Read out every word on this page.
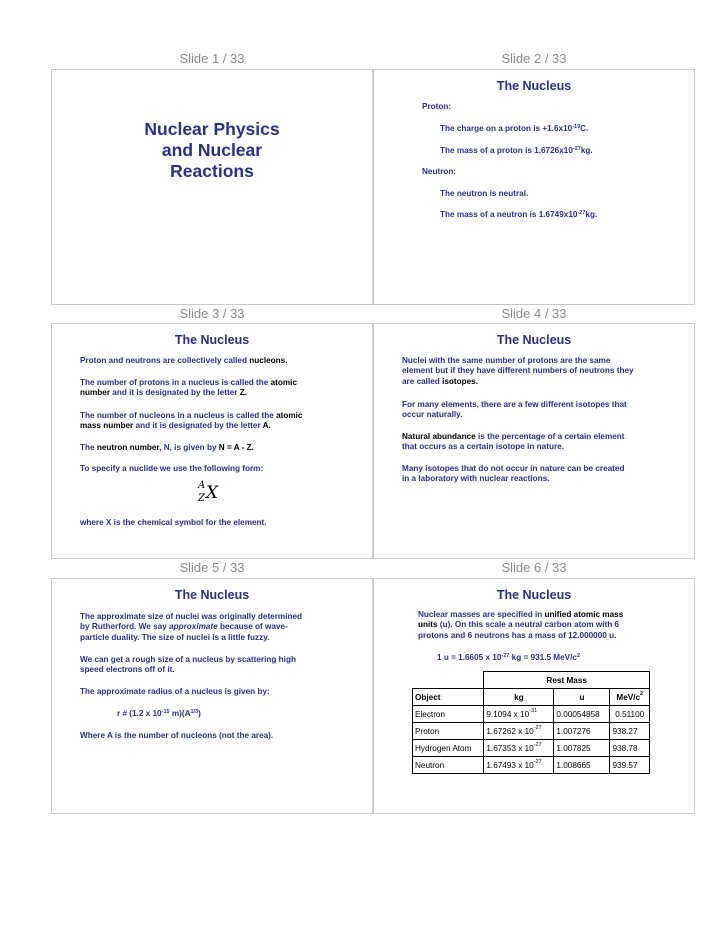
Slide 1 / 33	Slide 2 / 33
Nuclear Physics
and Nuclear
Reactions
The Nucleus
Proton:
The charge on a proton is $+1.6x10^{-19}C$.
The mass of a proton is $1.6726x10^{-27}kg$.
Neutron:
The neutron is neutral.
The mass of a neutron is $1.6749x10^{-27}kg$.
Slide 3 / 33	Slide 4 / 33
The Nucleus
Proton and neutrons are collectively called nucleons.
The number of protons in a nucleus is called the atomic
number and it is designated by the letter Z.
The number of nucleons in a nucleus is called the atomic
mass number and it is designated by the letter A.
The neutron number, N, is given by N = A - Z.
To specify a nuclide we use the following form:
A
Z X
where X is the chemical symbol for the element.
The Nucleus
Nuclei with the same number of protons are the same
element but if they have different numbers of neutrons they
are called isotopes.
For many elements, there are a few different isotopes that
occur naturally.
Natural abundance is the percentage of a certain element
that occurs as a certain isotope in nature.
Many isotopes that do not occur in nature can be created
in a laboratory with nuclear reactions.
Slide 5 / 33	Slide 6 / 33
The Nucleus
The approximate size of nuclei was originally determined
by Rutherford. We say approximate because of wave-
particle duality. The size of nuclei is a little fuzzy.
We can get a rough size of a nucleus by scattering high
speed electrons off of it.
The approximate radius of a nucleus is given by:
r # (1.2 x $10^{-15}$ $m)(A^{1/3})$
Where A is the number of nucleons (not the area).
The Nucleus
Nuclear masses are specified in unified atomic mass
units (u). On this scale a neutral carbon atom with 6
protons and 6 neutrons has a mass of 12.000000 u.
1 u = 1.6605 x $10^{-27}$ kg = 931.5 MeV/$c^2$
	Rest Mass		
Object	kg	u	MeV/$c^2$
Electron	9.1094 x $10^{-31}$	0.00054858	0.51100
Proton	1.67262 x $10^{-27}$	1.007276	938.27
Hydrogen Atom	1.67353 x $10^{-27}$	1.007825	938.78
Neutron	1.67493 x $10^{-27}$	1.008665	939.57
